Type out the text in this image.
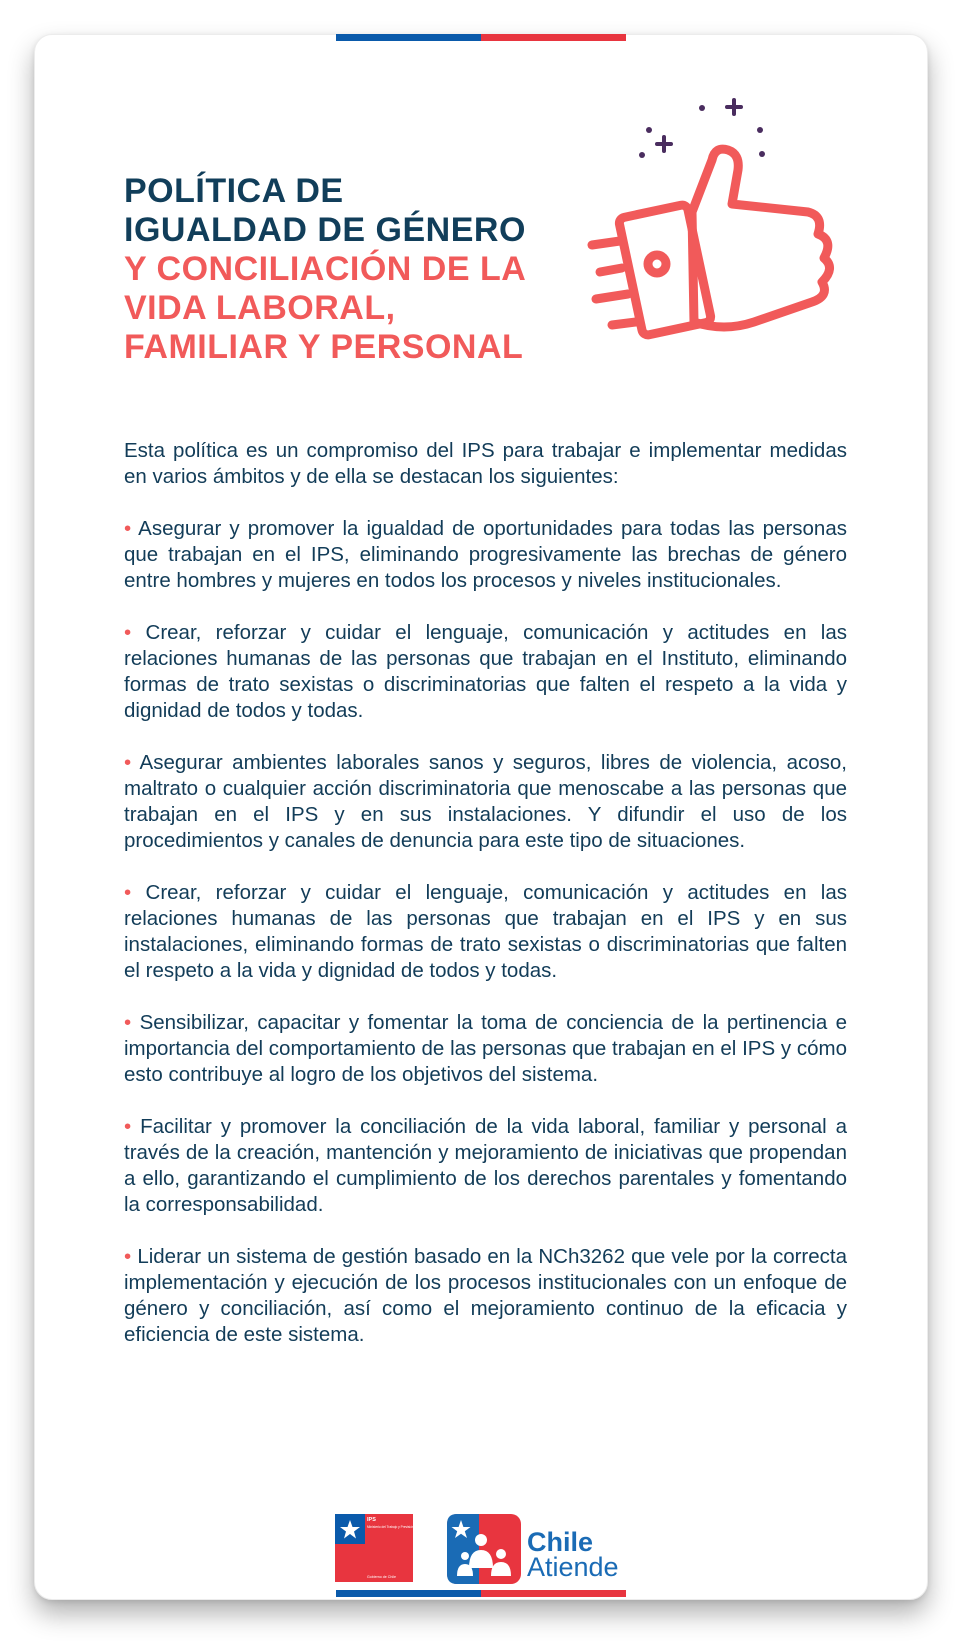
POLÍTICA DE
IGUALDAD DE GÉNERO
Y CONCILIACIÓN DE LA
VIDA LABORAL,
FAMILIAR Y PERSONAL

Esta política es un compromiso del IPS para trabajar e implementar medidas en varios ámbitos y de ella se destacan los siguientes:

• Asegurar y promover la igualdad de oportunidades para todas las personas que trabajan en el IPS, eliminando progresivamente las brechas de género entre hombres y mujeres en todos los procesos y niveles institucionales.

• Crear, reforzar y cuidar el lenguaje, comunicación y actitudes en las relaciones humanas de las personas que trabajan en el Instituto, eliminando formas de trato sexistas o discriminatorias que falten el respeto a la vida y dignidad de todos y todas.

• Asegurar ambientes laborales sanos y seguros, libres de violencia, acoso, maltrato o cualquier acción discriminatoria que menoscabe a las personas que trabajan en el IPS y en sus instalaciones. Y difundir el uso de los procedimientos y canales de denuncia para este tipo de situaciones.

• Crear, reforzar y cuidar el lenguaje, comunicación y actitudes en las relaciones humanas de las personas que trabajan en el IPS y en sus instalaciones, eliminando formas de trato sexistas o discriminatorias que falten el respeto a la vida y dignidad de todos y todas.

• Sensibilizar, capacitar y fomentar la toma de conciencia de la pertinencia e importancia del comportamiento de las personas que trabajan en el IPS y cómo esto contribuye al logro de los objetivos del sistema.

• Facilitar y promover la conciliación de la vida laboral, familiar y personal a través de la creación, mantención y mejoramiento de iniciativas que propendan a ello, garantizando el cumplimiento de los derechos parentales y fomentando la corresponsabilidad.

• Liderar un sistema de gestión basado en la NCh3262 que vele por la correcta implementación y ejecución de los procesos institucionales con un enfoque de género y conciliación, así como el mejoramiento continuo de la eficacia y eficiencia de este sistema.

IPS
Ministerio del Trabajo y Previsión Social
Gobierno de Chile
Chile
Atiende
